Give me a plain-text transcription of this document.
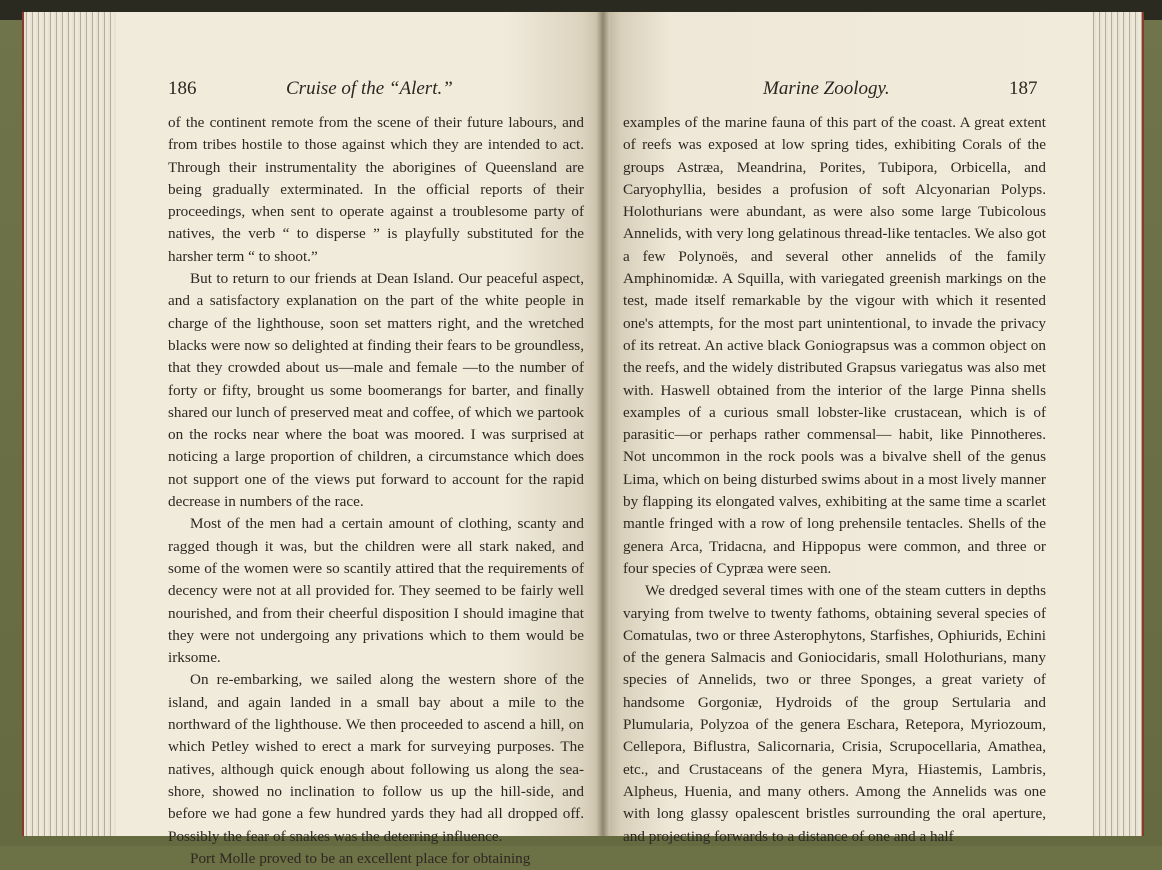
186	Cruise of the “Alert.”	Marine Zoology.	187

of the continent remote from the scene of their future labours, and from tribes hostile to those against which they are intended to act. Through their instrumentality the aborigines of Queensland are being gradually exterminated. In the official reports of their proceedings, when sent to operate against a troublesome party of natives, the verb “ to disperse ” is playfully substituted for the harsher term “ to shoot.”

But to return to our friends at Dean Island. Our peaceful aspect, and a satisfactory explanation on the part of the white people in charge of the lighthouse, soon set matters right, and the wretched blacks were now so delighted at finding their fears to be groundless, that they crowded about us—male and female —to the number of forty or fifty, brought us some boomerangs for barter, and finally shared our lunch of preserved meat and coffee, of which we partook on the rocks near where the boat was moored. I was surprised at noticing a large proportion of children, a circumstance which does not support one of the views put forward to account for the rapid decrease in numbers of the race.

Most of the men had a certain amount of clothing, scanty and ragged though it was, but the children were all stark naked, and some of the women were so scantily attired that the requirements of decency were not at all provided for. They seemed to be fairly well nourished, and from their cheerful disposition I should imagine that they were not undergoing any privations which to them would be irksome.

On re-embarking, we sailed along the western shore of the island, and again landed in a small bay about a mile to the northward of the lighthouse. We then proceeded to ascend a hill, on which Petley wished to erect a mark for surveying purposes. The natives, although quick enough about following us along the sea-shore, showed no inclination to follow us up the hill-side, and before we had gone a few hundred yards they had all dropped off. Possibly the fear of snakes was the deterring influence.

Port Molle proved to be an excellent place for obtaining

examples of the marine fauna of this part of the coast. A great extent of reefs was exposed at low spring tides, exhibiting Corals of the groups Astræa, Meandrina, Porites, Tubipora, Orbicella, and Caryophyllia, besides a profusion of soft Alcyonarian Polyps. Holothurians were abundant, as were also some large Tubicolous Annelids, with very long gelatinous thread-like tentacles. We also got a few Polynoës, and several other annelids of the family Amphinomidæ. A Squilla, with variegated greenish markings on the test, made itself remarkable by the vigour with which it resented one's attempts, for the most part unintentional, to invade the privacy of its retreat. An active black Goniograpsus was a common object on the reefs, and the widely distributed Grapsus variegatus was also met with. Haswell obtained from the interior of the large Pinna shells examples of a curious small lobster-like crustacean, which is of parasitic—or perhaps rather commensal— habit, like Pinnotheres. Not uncommon in the rock pools was a bivalve shell of the genus Lima, which on being disturbed swims about in a most lively manner by flapping its elongated valves, exhibiting at the same time a scarlet mantle fringed with a row of long prehensile tentacles. Shells of the genera Arca, Tridacna, and Hippopus were common, and three or four species of Cypræa were seen.

We dredged several times with one of the steam cutters in depths varying from twelve to twenty fathoms, obtaining several species of Comatulas, two or three Asterophytons, Starfishes, Ophiurids, Echini of the genera Salmacis and Goniocidaris, small Holothurians, many species of Annelids, two or three Sponges, a great variety of handsome Gorgoniæ, Hydroids of the group Sertularia and Plumularia, Polyzoa of the genera Eschara, Retepora, Myriozoum, Cellepora, Biflustra, Salicornaria, Crisia, Scrupocellaria, Amathea, etc., and Crustaceans of the genera Myra, Hiastemis, Lambris, Alpheus, Huenia, and many others. Among the Annelids was one with long glassy opalescent bristles surrounding the oral aperture, and projecting forwards to a distance of one and a half
